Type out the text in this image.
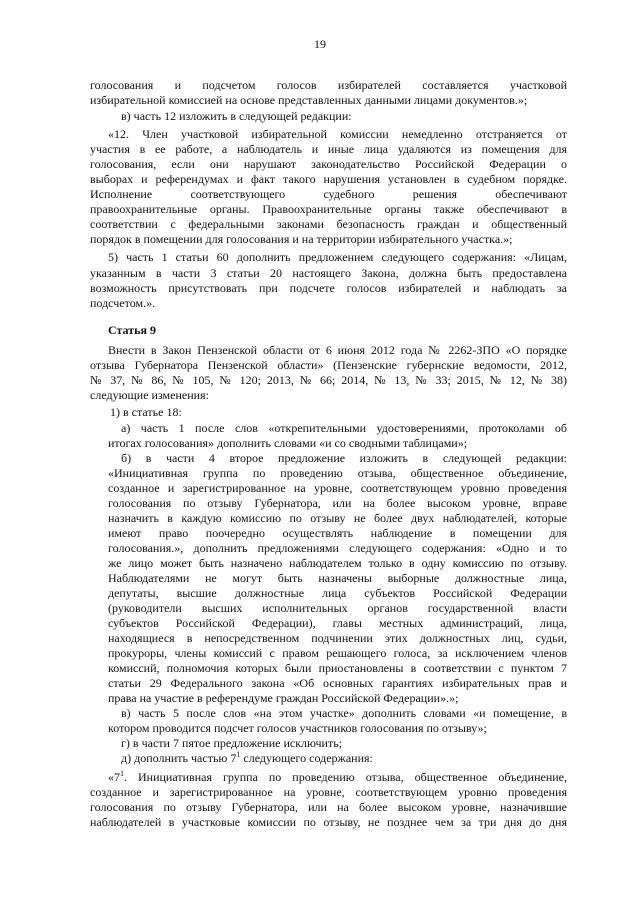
19
голосования и подсчетом голосов избирателей составляется участковой
избирательной комиссией на основе представленных данными лицами документов.»;
в) часть 12 изложить в следующей редакции:
«12. Член участковой избирательной комиссии немедленно отстраняется от
участия в ее работе, а наблюдатель и иные лица удаляются из помещения для
голосования, если они нарушают законодательство Российской Федерации о
выборах и референдумах и факт такого нарушения установлен в судебном порядке.
Исполнение соответствующего судебного решения обеспечивают
правоохранительные органы. Правоохранительные органы также обеспечивают в
соответствии с федеральными законами безопасность граждан и общественный
порядок в помещении для голосования и на территории избирательного участка.»;
5) часть 1 статьи 60 дополнить предложением следующего содержания: «Лицам,
указанным в части 3 статьи 20 настоящего Закона, должна быть предоставлена
возможность присутствовать при подсчете голосов избирателей и наблюдать за
подсчетом.».
Статья 9
Внести в Закон Пензенской области от 6 июня 2012 года № 2262-ЗПО «О порядке
отзыва Губернатора Пензенской области» (Пензенские губернские ведомости, 2012,
№ 37, № 86, № 105, № 120; 2013, № 66; 2014, № 13, № 33; 2015, № 12, № 38)
следующие изменения:
1) в статье 18:
а) часть 1 после слов «открепительными удостоверениями, протоколами об
итогах голосования» дополнить словами «и со сводными таблицами»;
б) в части 4 второе предложение изложить в следующей редакции:
«Инициативная группа по проведению отзыва, общественное объединение,
созданное и зарегистрированное на уровне, соответствующем уровню проведения
голосования по отзыву Губернатора, или на более высоком уровне, вправе
назначить в каждую комиссию по отзыву не более двух наблюдателей, которые
имеют право поочередно осуществлять наблюдение в помещении для
голосования.», дополнить предложениями следующего содержания: «Одно и то
же лицо может быть назначено наблюдателем только в одну комиссию по отзыву.
Наблюдателями не могут быть назначены выборные должностные лица,
депутаты, высшие должностные лица субъектов Российской Федерации
(руководители высших исполнительных органов государственной власти
субъектов Российской Федерации), главы местных администраций, лица,
находящиеся в непосредственном подчинении этих должностных лиц, судьи,
прокуроры, члены комиссий с правом решающего голоса, за исключением членов
комиссий, полномочия которых были приостановлены в соответствии с пунктом 7
статьи 29 Федерального закона «Об основных гарантиях избирательных прав и
права на участие в референдуме граждан Российской Федерации».»;
в) часть 5 после слов «на этом участке» дополнить словами «и помещение, в
котором проводится подсчет голосов участников голосования по отзыву»;
г) в части 7 пятое предложение исключить;
д) дополнить частью $7^1$ следующего содержания:
«$7^1$. Инициативная группа по проведению отзыва, общественное объединение,
созданное и зарегистрированное на уровне, соответствующем уровню проведения
голосования по отзыву Губернатора, или на более высоком уровне, назначившие
наблюдателей в участковые комиссии по отзыву, не позднее чем за три дня до дня
